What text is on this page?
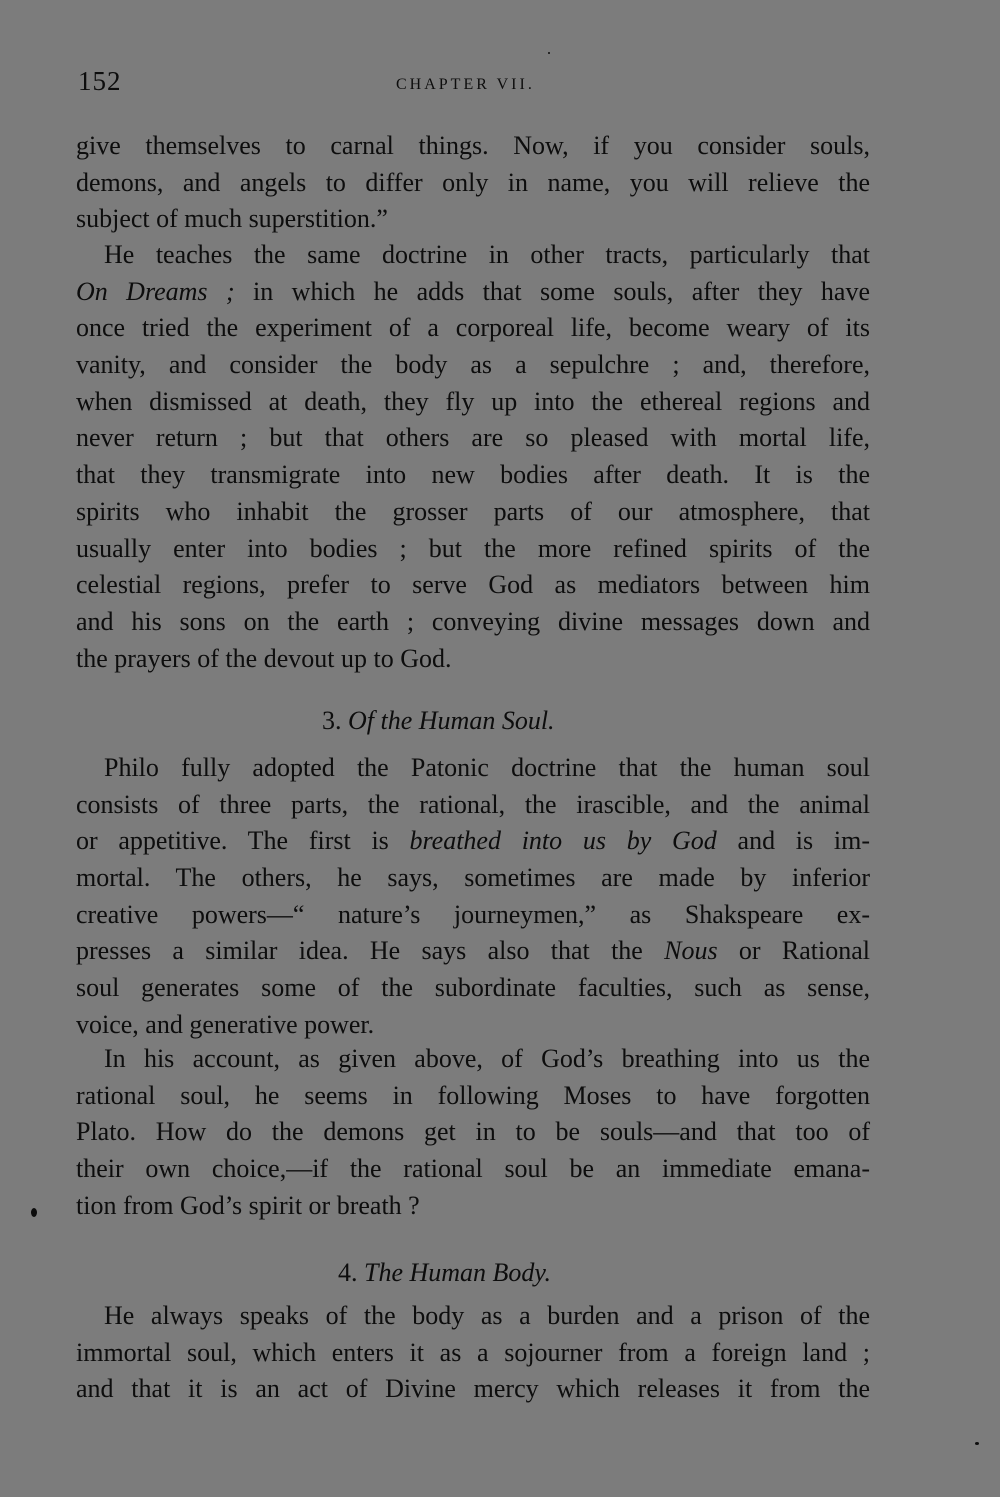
152	CHAPTER VII.
give themselves to carnal things. Now, if you consider souls,
demons, and angels to differ only in name, you will relieve the
subject of much superstition.”
He teaches the same doctrine in other tracts, particularly that
On Dreams ; in which he adds that some souls, after they have
once tried the experiment of a corporeal life, become weary of its
vanity, and consider the body as a sepulchre ; and, therefore,
when dismissed at death, they fly up into the ethereal regions and
never return ; but that others are so pleased with mortal life,
that they transmigrate into new bodies after death. It is the
spirits who inhabit the grosser parts of our atmosphere, that
usually enter into bodies ; but the more refined spirits of the
celestial regions, prefer to serve God as mediators between him
and his sons on the earth ; conveying divine messages down and
the prayers of the devout up to God.
3. Of the Human Soul.
Philo fully adopted the Patonic doctrine that the human soul
consists of three parts, the rational, the irascible, and the animal
or appetitive. The first is breathed into us by God and is im-
mortal. The others, he says, sometimes are made by inferior
creative powers—“ nature’s journeymen,” as Shakspeare ex-
presses a similar idea. He says also that the Nous or Rational
soul generates some of the subordinate faculties, such as sense,
voice, and generative power.
In his account, as given above, of God’s breathing into us the
rational soul, he seems in following Moses to have forgotten
Plato. How do the demons get in to be souls—and that too of
their own choice,—if the rational soul be an immediate emana-
tion from God’s spirit or breath ?
4. The Human Body.
He always speaks of the body as a burden and a prison of the
immortal soul, which enters it as a sojourner from a foreign land ;
and that it is an act of Divine mercy which releases it from the
